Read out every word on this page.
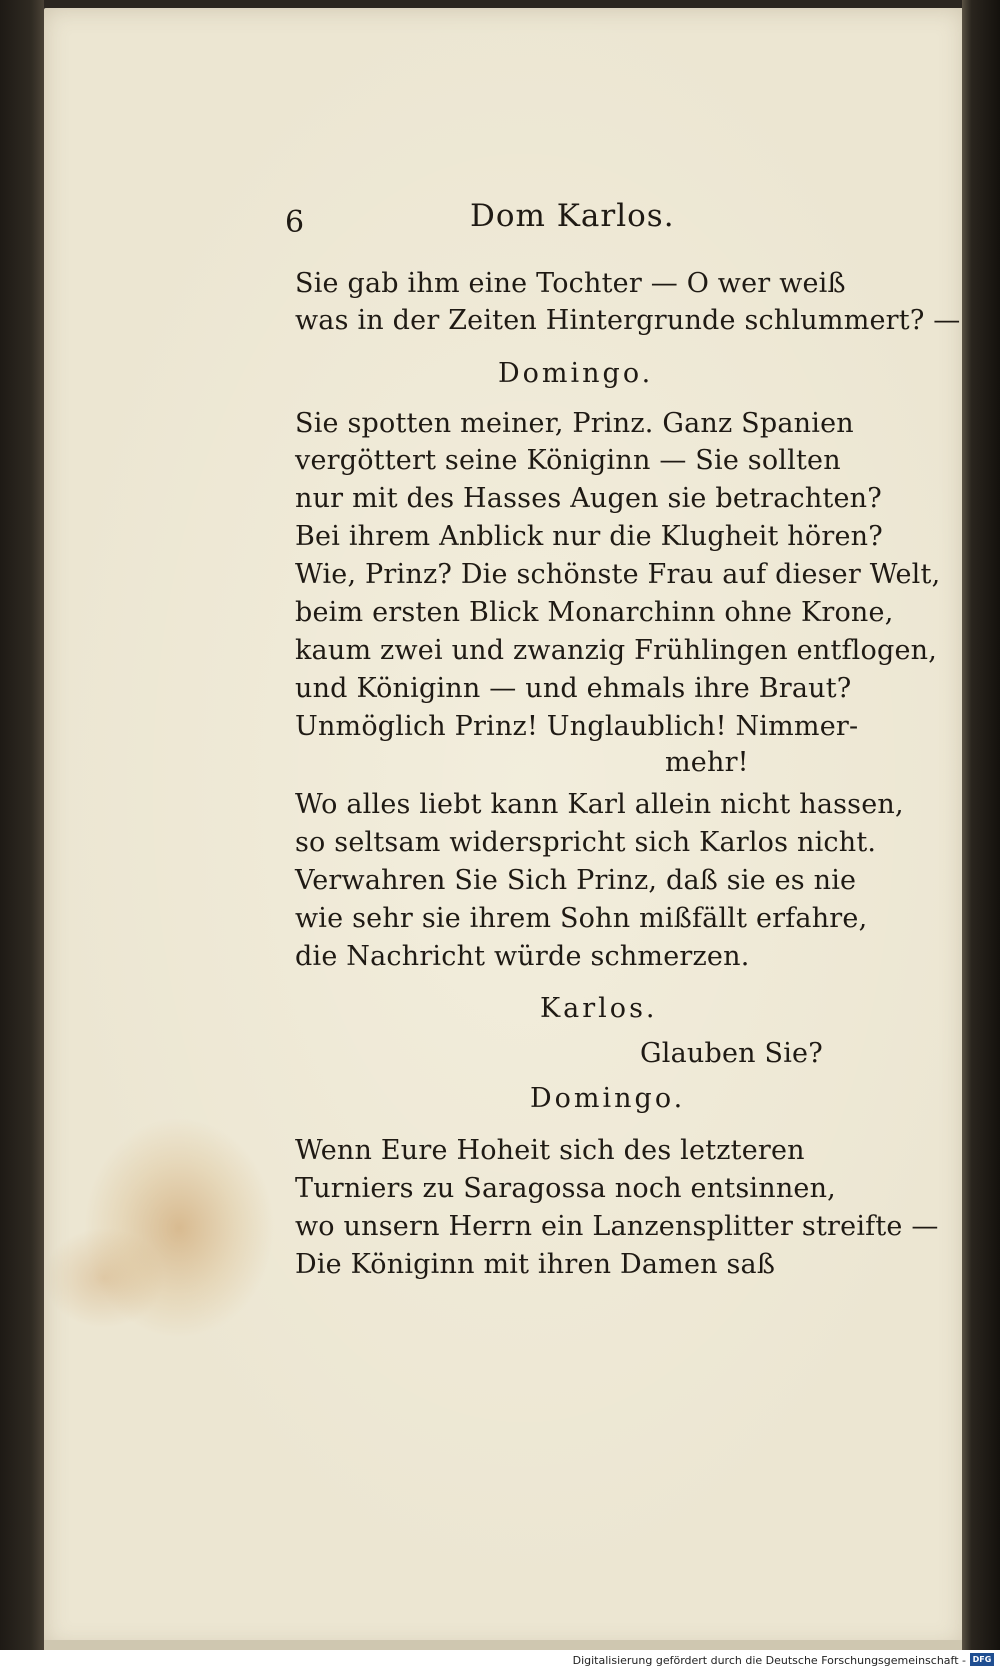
6	Dom Karlos.
Sie gab ihm eine Tochter — O wer weiß
was in der Zeiten Hintergrunde schlummert? —
Domingo.
Sie spotten meiner, Prinz. Ganz Spanien
vergöttert seine Königinn — Sie sollten
nur mit des Hasses Augen sie betrachten?
Bei ihrem Anblick nur die Klugheit hören?
Wie, Prinz? Die schönste Frau auf dieser Welt,
beim ersten Blick Monarchinn ohne Krone,
kaum zwei und zwanzig Frühlingen entflogen,
und Königinn — und ehmals ihre Braut?
Unmöglich Prinz! Unglaublich! Nimmer-
mehr!
Wo alles liebt kann Karl allein nicht hassen,
so seltsam widerspricht sich Karlos nicht.
Verwahren Sie Sich Prinz, daß sie es nie
wie sehr sie ihrem Sohn mißfällt erfahre,
die Nachricht würde schmerzen.
Karlos.
Glauben Sie?
Domingo.
Wenn Eure Hoheit sich des letzteren
Turniers zu Saragossa noch entsinnen,
wo unsern Herrn ein Lanzensplitter streifte —
Die Königinn mit ihren Damen saß
Digitalisierung gefördert durch die Deutsche Forschungsgemeinschaft - DFG
